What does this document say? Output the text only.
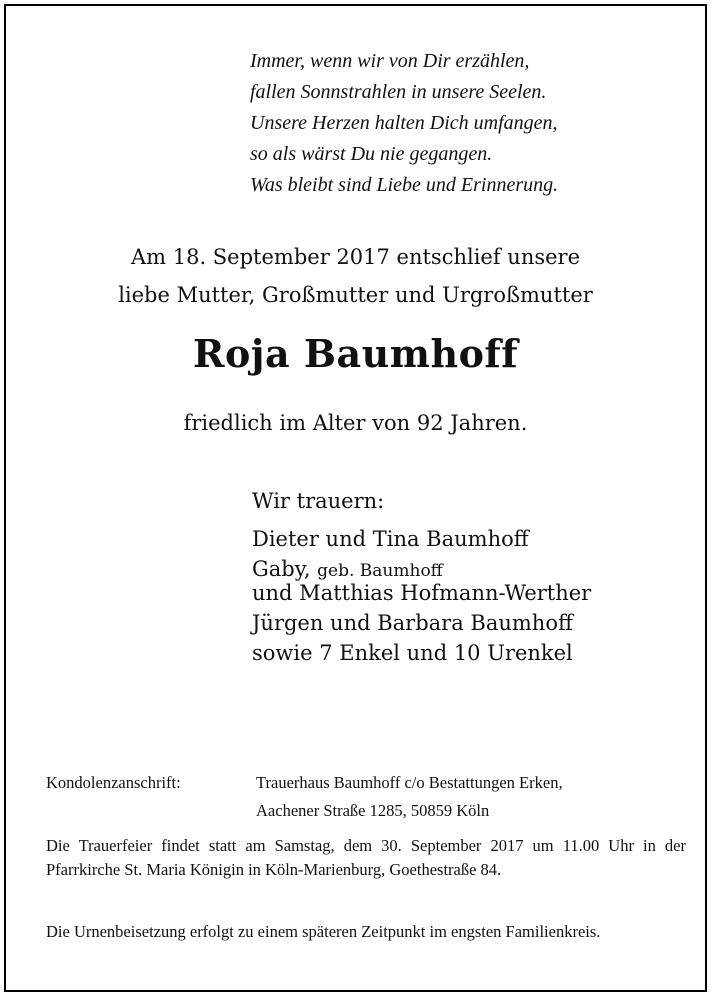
Immer, wenn wir von Dir erzählen,
fallen Sonnstrahlen in unsere Seelen.
Unsere Herzen halten Dich umfangen,
so als wärst Du nie gegangen.
Was bleibt sind Liebe und Erinnerung.
Am 18. September 2017 entschlief unsere
liebe Mutter, Großmutter und Urgroßmutter
Roja Baumhoff
friedlich im Alter von 92 Jahren.
Wir trauern:
Dieter und Tina Baumhoff
Gaby, geb. Baumhoff
und Matthias Hofmann-Werther
Jürgen und Barbara Baumhoff
sowie 7 Enkel und 10 Urenkel
Kondolenzanschrift:	Trauerhaus Baumhoff c/o Bestattungen Erken,
Aachener Straße 1285, 50859 Köln
Die Trauerfeier findet statt am Samstag, dem 30. September 2017 um 11.00 Uhr in der Pfarrkirche St. Maria Königin in Köln-Marienburg, Goethestraße 84.
Die Urnenbeisetzung erfolgt zu einem späteren Zeitpunkt im engsten Familienkreis.
